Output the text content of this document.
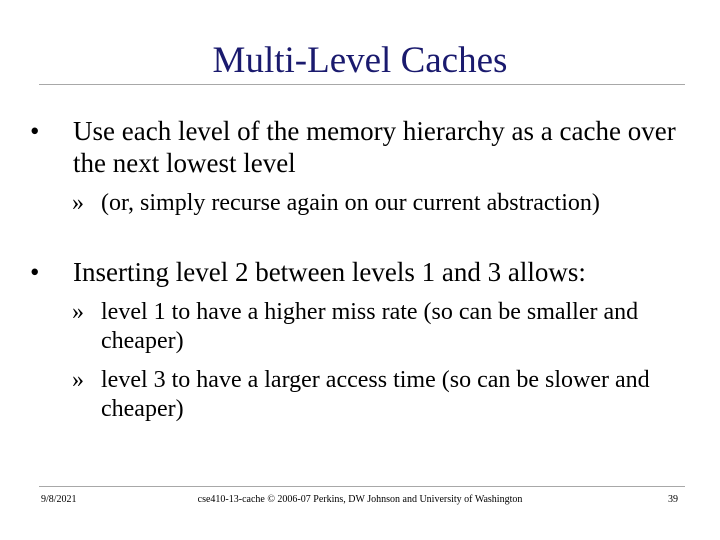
Multi-Level Caches
• Use each level of the memory hierarchy as a cache over the next lowest level
» (or, simply recurse again on our current abstraction)
• Inserting level 2 between levels 1 and 3 allows:
» level 1 to have a higher miss rate (so can be smaller and cheaper)
» level 3 to have a larger access time (so can be slower and cheaper)
9/8/2021	cse410-13-cache © 2006-07 Perkins, DW Johnson and University of Washington	39
